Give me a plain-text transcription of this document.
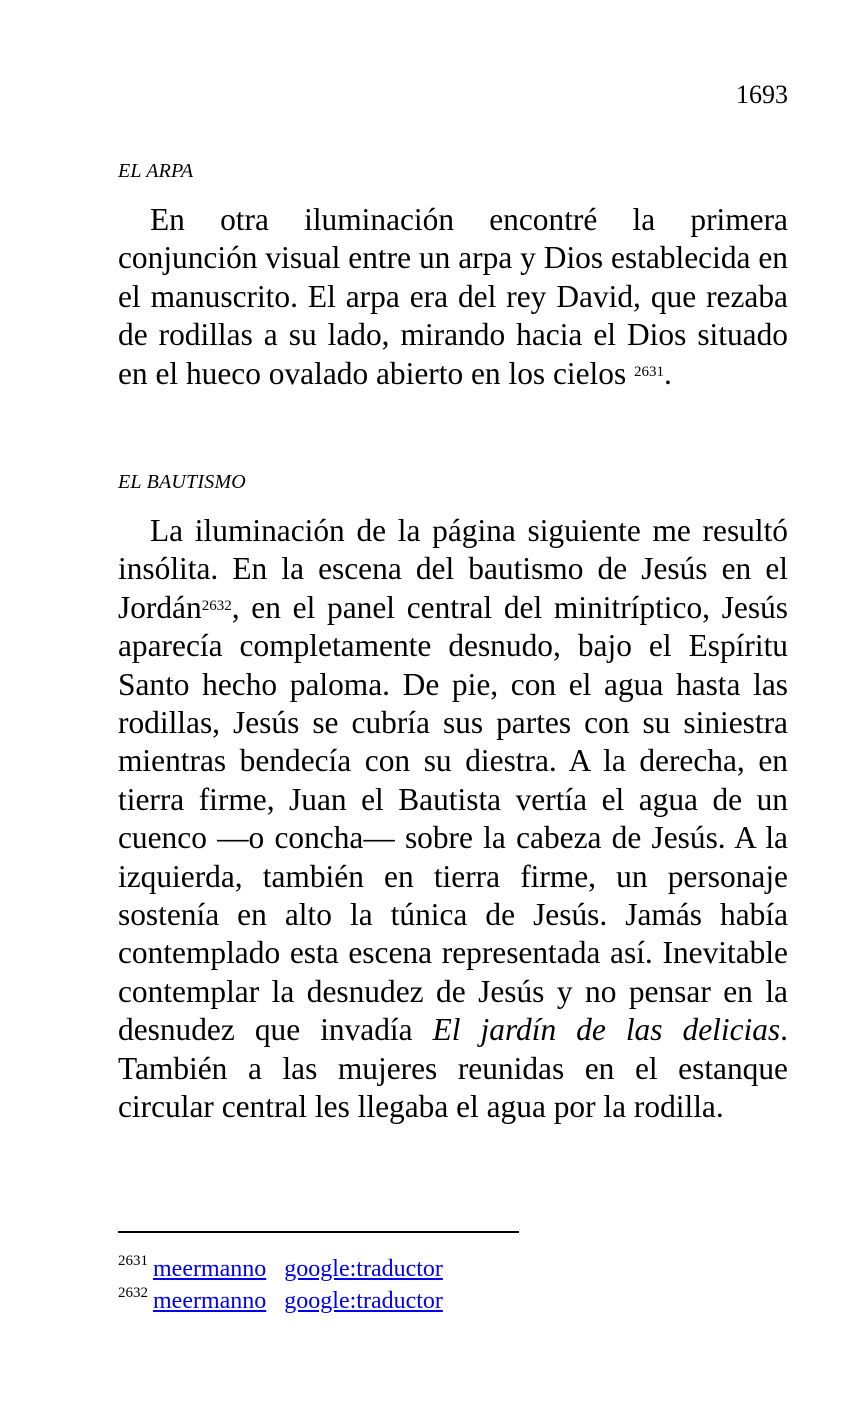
1693
EL ARPA

En otra iluminación encontré la primera conjunción visual entre un arpa y Dios establecida en el manuscrito. El arpa era del rey David, que rezaba de rodillas a su lado, mirando hacia el Dios situado en el hueco ovalado abierto en los cielos $^{2631}$.

EL BAUTISMO

La iluminación de la página siguiente me resultó insólita. En la escena del bautismo de Jesús en el Jordán$^{2632}$, en el panel central del minitríptico, Jesús aparecía completamente desnudo, bajo el Espíritu Santo hecho paloma. De pie, con el agua hasta las rodillas, Jesús se cubría sus partes con su siniestra mientras bendecía con su diestra. A la derecha, en tierra firme, Juan el Bautista vertía el agua de un cuenco —o concha— sobre la cabeza de Jesús. A la izquierda, también en tierra firme, un personaje sostenía en alto la túnica de Jesús. Jamás había contemplado esta escena representada así. Inevitable contemplar la desnudez de Jesús y no pensar en la desnudez que invadía El jardín de las delicias. También a las mujeres reunidas en el estanque circular central les llegaba el agua por la rodilla.

$^{2631}$ meermanno google:traductor
$^{2632}$ meermanno google:traductor
